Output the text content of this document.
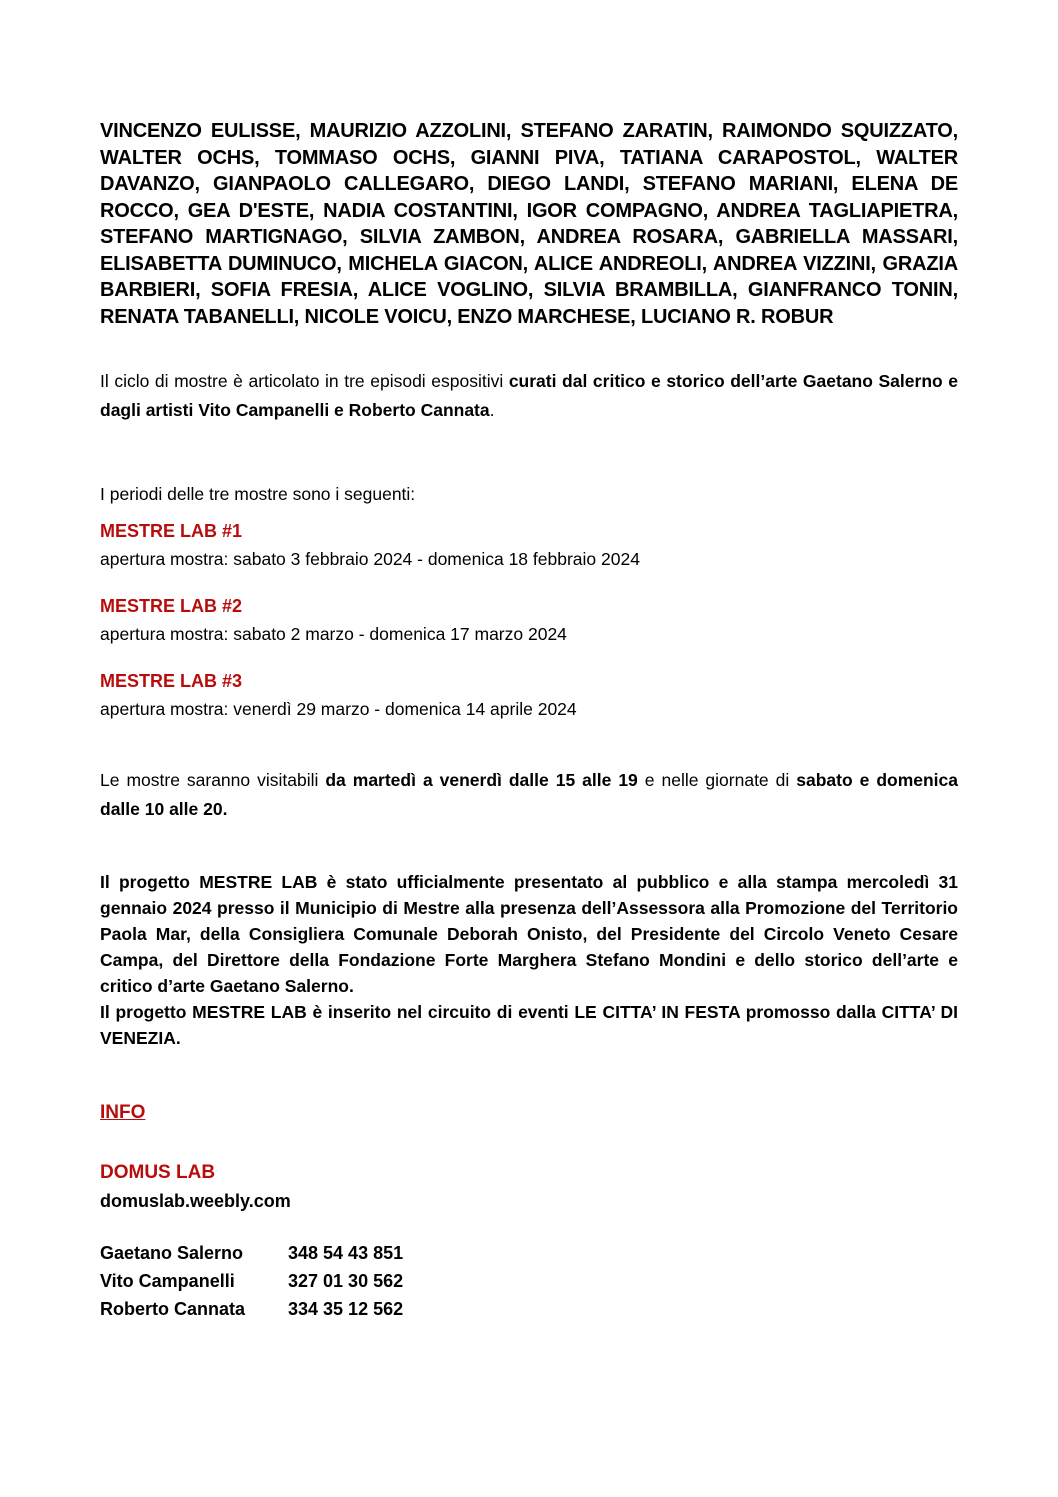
VINCENZO EULISSE, MAURIZIO AZZOLINI, STEFANO ZARATIN, RAIMONDO SQUIZZATO, WALTER OCHS, TOMMASO OCHS, GIANNI PIVA, TATIANA CARAPOSTOL, WALTER DAVANZO, GIANPAOLO CALLEGARO, DIEGO LANDI, STEFANO MARIANI, ELENA DE ROCCO, GEA D'ESTE, NADIA COSTANTINI, IGOR COMPAGNO, ANDREA TAGLIAPIETRA, STEFANO MARTIGNAGO, SILVIA ZAMBON, ANDREA ROSARA, GABRIELLA MASSARI, ELISABETTA DUMINUCO, MICHELA GIACON, ALICE ANDREOLI, ANDREA VIZZINI, GRAZIA BARBIERI, SOFIA FRESIA, ALICE VOGLINO, SILVIA BRAMBILLA, GIANFRANCO TONIN, RENATA TABANELLI, NICOLE VOICU, ENZO MARCHESE, LUCIANO R. ROBUR

Il ciclo di mostre è articolato in tre episodi espositivi curati dal critico e storico dell’arte Gaetano Salerno e dagli artisti Vito Campanelli e Roberto Cannata.

I periodi delle tre mostre sono i seguenti:

MESTRE LAB #1

apertura mostra: sabato 3 febbraio 2024 - domenica 18 febbraio 2024

MESTRE LAB #2

apertura mostra: sabato 2 marzo - domenica 17 marzo 2024

MESTRE LAB #3

apertura mostra: venerdì 29 marzo - domenica 14 aprile 2024

Le mostre saranno visitabili da martedì a venerdì dalle 15 alle 19 e nelle giornate di sabato e domenica dalle 10 alle 20.

Il progetto MESTRE LAB è stato ufficialmente presentato al pubblico e alla stampa mercoledì 31 gennaio 2024 presso il Municipio di Mestre alla presenza dell’Assessora alla Promozione del Territorio Paola Mar, della Consigliera Comunale Deborah Onisto, del Presidente del Circolo Veneto Cesare Campa, del Direttore della Fondazione Forte Marghera Stefano Mondini e dello storico dell’arte e critico d’arte Gaetano Salerno.

Il progetto MESTRE LAB è inserito nel circuito di eventi LE CITTA’ IN FESTA promosso dalla CITTA’ DI VENEZIA.

INFO

DOMUS LAB

domuslab.weebly.com

Gaetano Salerno	348 54 43 851
Vito Campanelli	327 01 30 562
Roberto Cannata	334 35 12 562
